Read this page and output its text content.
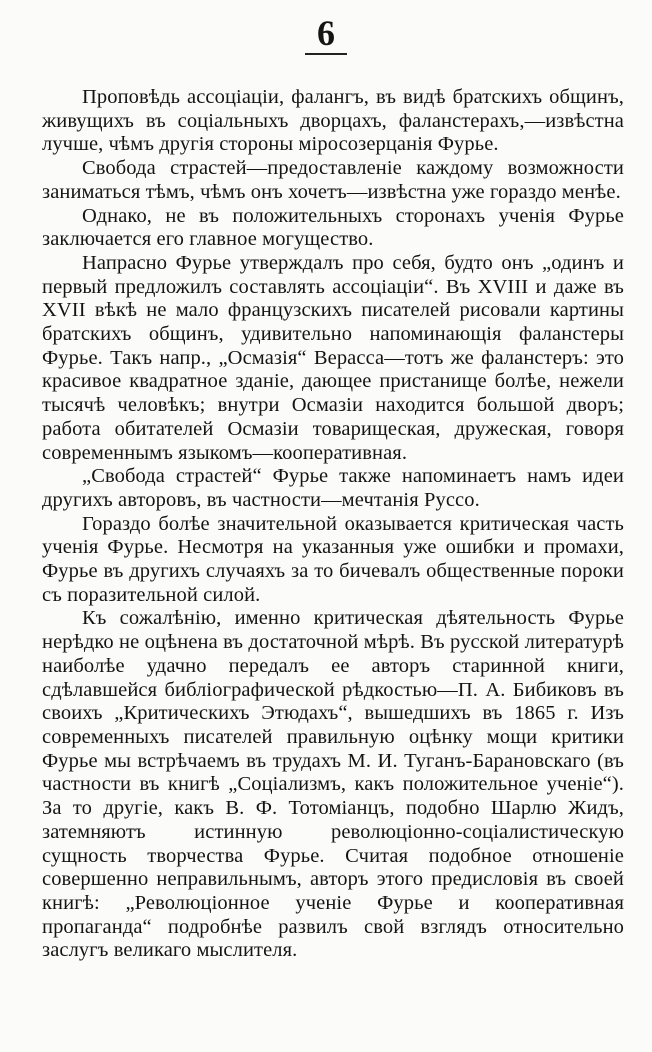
6

Проповѣдь ассоціаціи, фалангъ, въ видѣ братскихъ общинъ, живущихъ въ соціальныхъ дворцахъ, фаланстерахъ,—извѣстна лучше, чѣмъ другія стороны міросозерцанія Фурье.

Свобода страстей—предоставленіе каждому возможности заниматься тѣмъ, чѣмъ онъ хочетъ—извѣстна уже гораздо менѣе.

Однако, не въ положительныхъ сторонахъ ученія Фурье заключается его главное могущество.

Напрасно Фурье утверждалъ про себя, будто онъ „одинъ и первый предложилъ составлять ассоціаціи“. Въ XVIII и даже въ XVII вѣкѣ не мало французскихъ писателей рисовали картины братскихъ общинъ, удивительно напоминающія фаланстеры Фурье. Такъ напр., „Осмазія“ Верасса—тотъ же фаланстеръ: это красивое квадратное зданіе, дающее пристанище болѣе, нежели тысячѣ человѣкъ; внутри Осмазіи находится большой дворъ; работа обитателей Осмазіи товарищеская, дружеская, говоря современнымъ языкомъ—кооперативная.

„Свобода страстей“ Фурье также напоминаетъ намъ идеи другихъ авторовъ, въ частности—мечтанія Руссо.

Гораздо болѣе значительной оказывается критическая часть ученія Фурье. Несмотря на указанныя уже ошибки и промахи, Фурье въ другихъ случаяхъ за то бичевалъ общественные пороки съ поразительной силой.

Къ сожалѣнію, именно критическая дѣятельность Фурье нерѣдко не оцѣнена въ достаточной мѣрѣ. Въ русской литературѣ наиболѣе удачно передалъ ее авторъ старинной книги, сдѣлавшейся библіографической рѣдкостью—П. А. Бибиковъ въ своихъ „Критическихъ Этюдахъ“, вышедшихъ въ 1865 г. Изъ современныхъ писателей правильную оцѣнку мощи критики Фурье мы встрѣчаемъ въ трудахъ М. И. Туганъ-Барановскаго (въ частности въ книгѣ „Соціализмъ, какъ положительное ученіе“). За то другіе, какъ В. Ф. Тотоміанцъ, подобно Шарлю Жидъ, затемняютъ истинную революціонно-соціалистическую сущность творчества Фурье. Считая подобное отношеніе совершенно неправильнымъ, авторъ этого предисловія въ своей книгѣ: „Революціонное ученіе Фурье и кооперативная пропаганда“ подробнѣе развилъ свой взглядъ относительно заслугъ великаго мыслителя.
